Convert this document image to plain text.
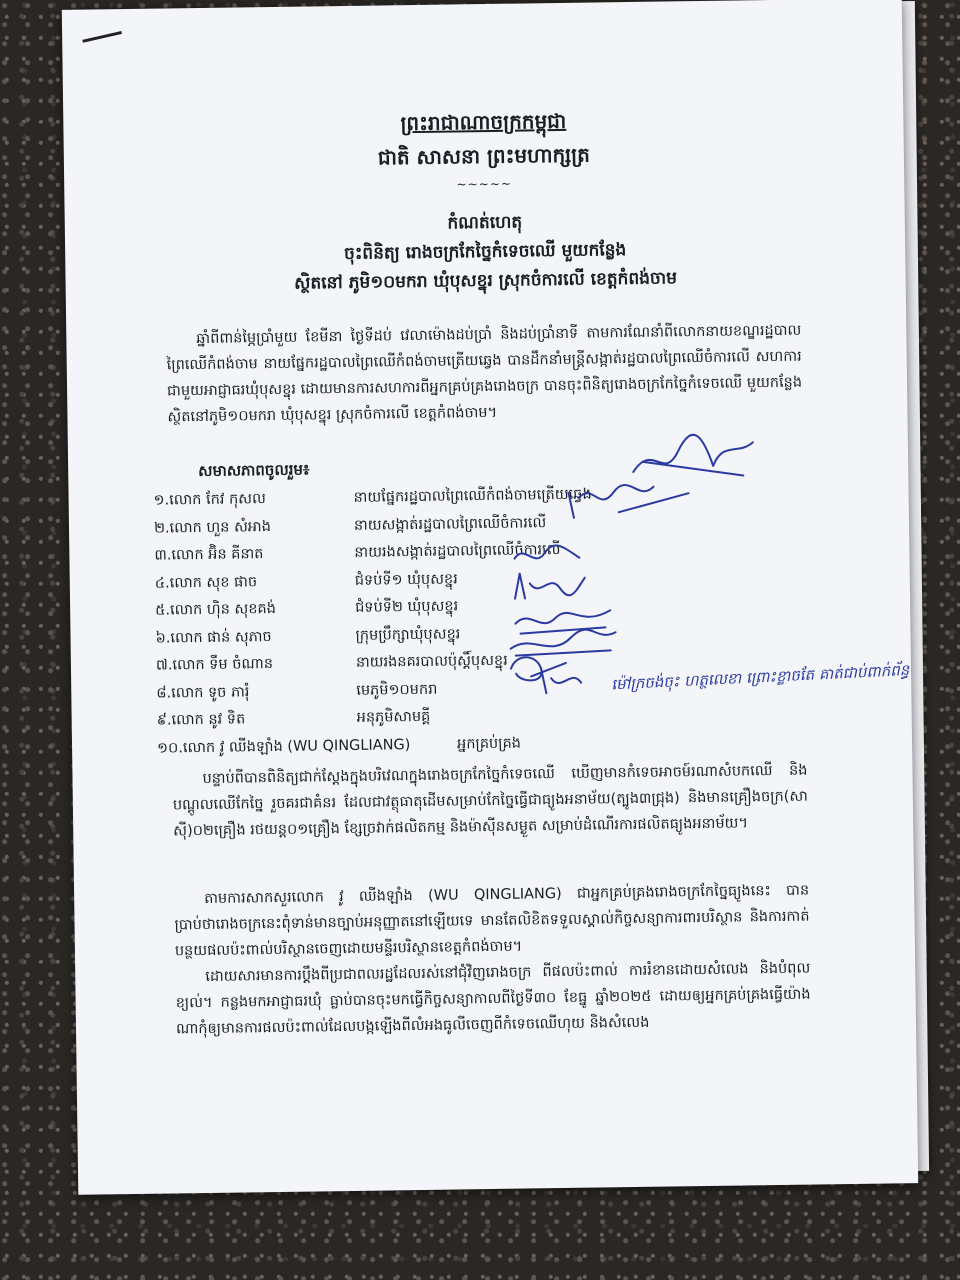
ព្រះរាជាណាចក្រកម្ពុជា

ជាតិ សាសនា ព្រះមហាក្សត្រ

~~~~~

កំណត់ហេតុ

ចុះពិនិត្យ រោងចក្រកែច្នៃកំទេចឈើ មួយកន្លែង

ស្ថិតនៅ ភូមិ១០មករា ឃុំបុសខ្នុរ ស្រុកចំការលើ ខេត្តកំពង់ចាម

ឆ្នាំពីពាន់ម្ភៃប្រាំមួយ ខែមីនា ថ្ងៃទីដប់ វេលាម៉ោងដប់ប្រាំ និងដប់ប្រាំនាទី តាមការណែនាំពីលោកនាយខណ្ឌរដ្ឋបាលព្រៃឈើកំពង់ចាម នាយផ្នែករដ្ឋបាលព្រៃឈើកំពង់ចាមត្រើយឆ្វេង បានដឹកនាំមន្ត្រីសង្កាត់រដ្ឋបាលព្រៃឈើចំការលើ សហការជាមួយអាជ្ញាធរឃុំបុសខ្នុរ ដោយមានការសហការពីអ្នកគ្រប់គ្រងរោងចក្រ បានចុះពិនិត្យរោងចក្រកែច្នៃកំទេចឈើ មួយកន្លែងស្ថិតនៅភូមិ១០មករា ឃុំបុសខ្នុរ ស្រុកចំការលើ ខេត្តកំពង់ចាម។
សមាសភាពចូលរួម៖
១.លោក កែវ កុសល	នាយផ្នែករដ្ឋបាលព្រៃឈើកំពង់ចាមត្រើយឆ្វេង
២.លោក ហួន សំអាង	នាយសង្កាត់រដ្ឋបាលព្រៃឈើចំការលើ
៣.លោក អ៊ិន គីនាត	នាយរងសង្កាត់រដ្ឋបាលព្រៃឈើចំការលើ
៤.លោក សុខ ផាច	ជំទប់ទី១ ឃុំបុសខ្នុរ
៥.លោក ហ៊ិន សុខគង់	ជំទប់ទី២ ឃុំបុសខ្នុរ
៦.លោក ផាន់ សុភាច	ក្រុមប្រឹក្សាឃុំបុសខ្នុរ
៧.លោក ទឹម ចំណាន	នាយរងនគរបាលប៉ុស្តិ៍បុសខ្នុរ
៨.លោក ទូច ភារុំ	មេភូមិ១០មករា
៩.លោក នូវ ទិត	អនុភូមិសាមគ្គី
១០.លោក វូ ឈីងឡាំង (WU QINGLIANG)	អ្នកគ្រប់គ្រង
ម៉ៅក្រចង់ចុះ ហត្ថលេខា ព្រោះខ្លាចតែ គាត់ជាប់ពាក់ព័ន្ធ
បន្ទាប់ពីបានពិនិត្យជាក់ស្តែងក្នុងបរិវេណក្នុងរោងចក្រកែច្នៃកំទេចឈើ ឃើញមានកំទេចអាចម៍រណាសំបកឈើ និងបណ្តូលឈើកែច្នៃ រួចគរជាគំនរ ដែលជាវត្ថុធាតុដើមសម្រាប់កែច្នៃធ្វើជាធ្យូងអនាម័យ(ត្បូង៣ជ្រុង) និងមានគ្រឿងចក្រ(សាស៊ី)០២គ្រឿង រថយន្ត០១គ្រឿង ខ្សែច្រវាក់ផលិតកម្ម និងម៉ាស៊ីនសម្ងួត សម្រាប់ដំណើរការផលិតធ្យូងអនាម័យ។
តាមការសាកសួរលោក វូ ឈីងឡាំង (WU QINGLIANG) ជាអ្នកគ្រប់គ្រងរោងចក្រកែច្នៃធ្យូងនេះ បានប្រាប់ថារោងចក្រនេះពុំទាន់មានច្បាប់អនុញ្ញាតនៅឡើយទេ មានតែលិខិតទទួលស្គាល់កិច្ចសន្យាការពារបរិស្ថាន និងការកាត់បន្ថយផលប៉ះពាល់បរិស្ថានចេញដោយមន្ទីរបរិស្ថានខេត្តកំពង់ចាម។
ដោយសារមានការប្តឹងពីប្រជាពលរដ្ឋដែលរស់នៅជុំវិញរោងចក្រ ពីផលប៉ះពាល់ ការរំខានដោយសំលេង និងបំពុលខ្យល់។ កន្លងមកអាជ្ញាធរឃុំ ធ្លាប់បានចុះមកធ្វើកិច្ចសន្យាកាលពីថ្ងៃទី៣០ ខែធ្នូ ឆ្នាំ២០២៥ ដោយឲ្យអ្នកគ្រប់គ្រងធ្វើយ៉ាងណាកុំឲ្យមានការផលប៉ះពាល់ដែលបង្កឡើងពីលំអងធូលីចេញពីកំទេចឈើហុយ និងសំលេង
